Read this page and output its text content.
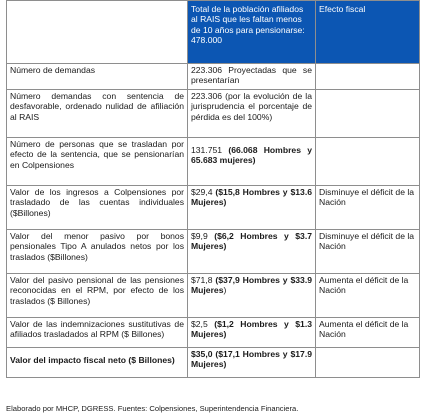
	Total de la población afiliados al RAIS que les faltan menos de 10 años para pensionarse: 478.000	Efecto fiscal
Número de demandas	223.306 Proyectadas que se presentarían	
Número demandas con sentencia de desfavorable, ordenado nulidad de afiliación al RAIS	223.306 (por la evolución de la jurisprudencia el porcentaje de pérdida es del 100%)	
Número de personas que se trasladan por efecto de la sentencia, que se pensionarían en Colpensiones	131.751 (66.068 Hombres y 65.683 mujeres)	
Valor de los ingresos a Colpensiones por trasladado de las cuentas individuales ($Billones)	$29,4 ($15,8 Hombres y $13.6 Mujeres)	Disminuye el déficit de la Nación
Valor del menor pasivo por bonos pensionales Tipo A anulados netos por los traslados ($Billones)	$9,9 ($6,2 Hombres y $3.7 Mujeres)	Disminuye el déficit de la Nación
Valor del pasivo pensional de las pensiones reconocidas en el RPM, por efecto de los traslados ($ Billones)	$71,8 ($37,9 Hombres y $33.9 Mujeres)	Aumenta el déficit de la Nación
Valor de las indemnizaciones sustitutivas de afiliados trasladados al RPM ($ Billones)	$2,5 ($1,2 Hombres y $1.3 Mujeres)	Aumenta el déficit de la Nación
Valor del impacto fiscal neto ($ Billones)	$35,0 ($17,1 Hombres y $17.9 Mujeres)	
Elaborado por MHCP, DGRESS. Fuentes: Colpensiones, Superintendencia Financiera.
